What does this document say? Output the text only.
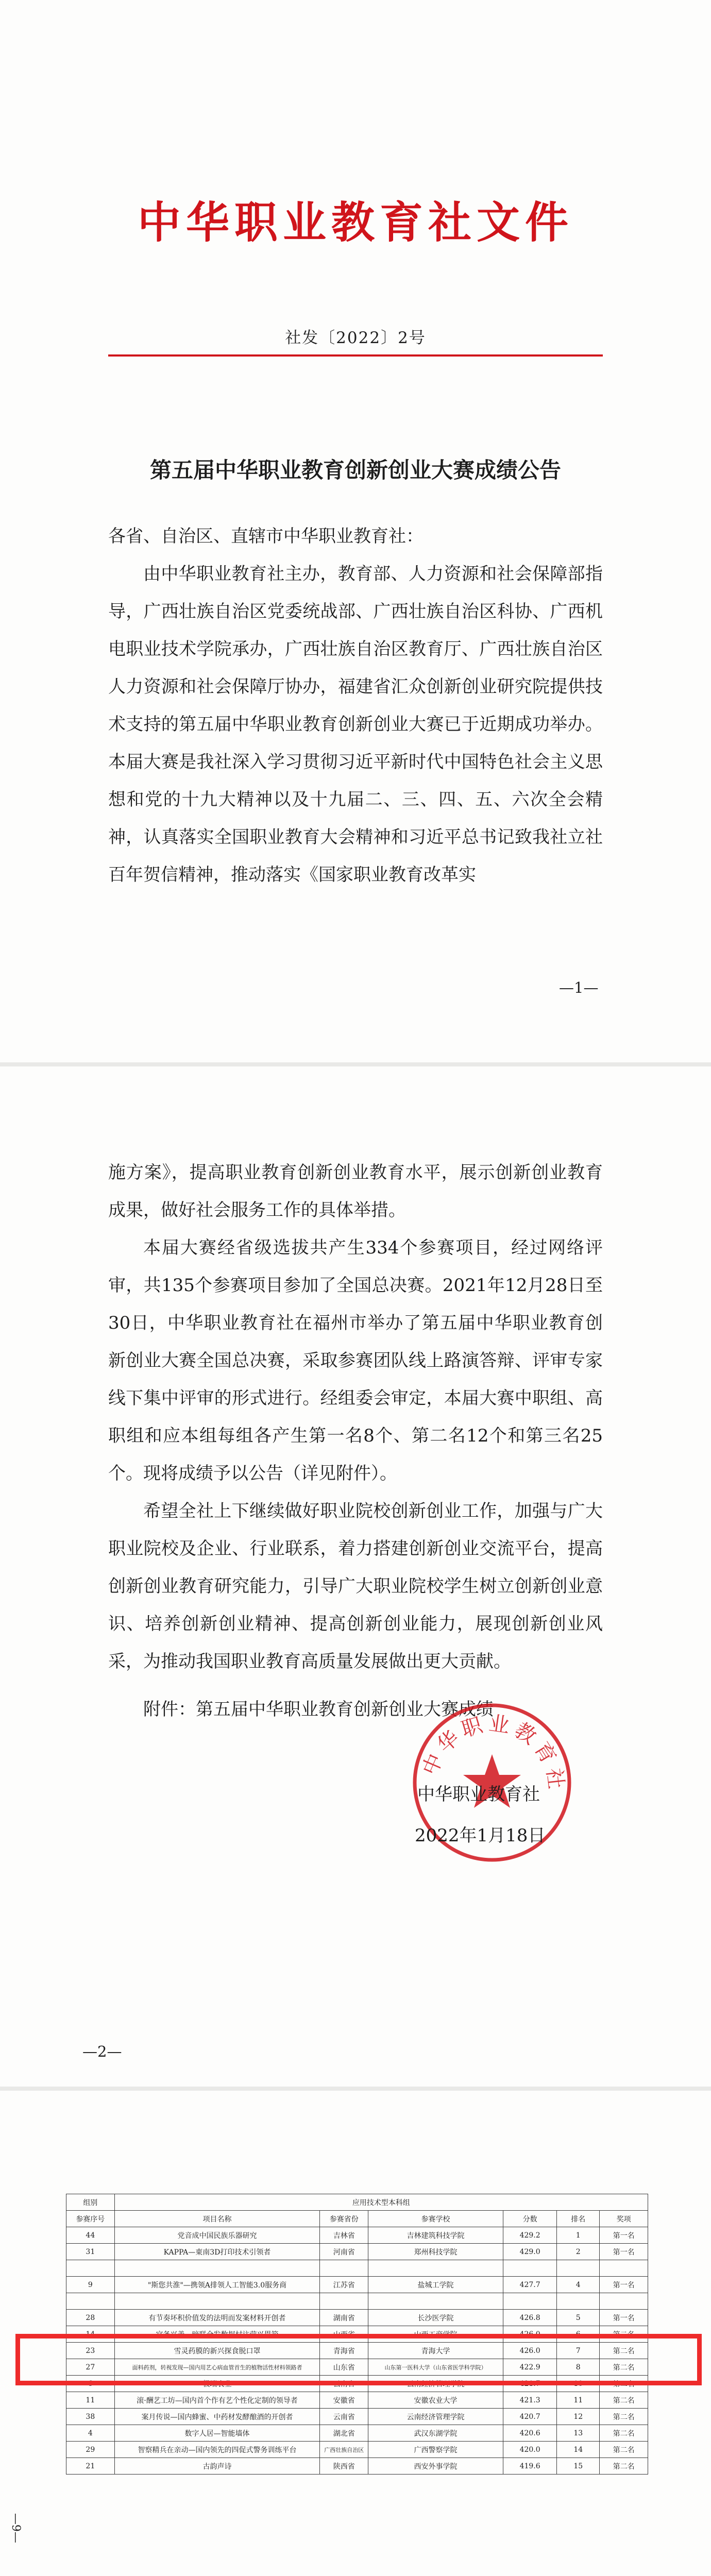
中华职业教育社文件
社发〔2022〕2号
第五届中华职业教育创新创业大赛成绩公告

各省、自治区、直辖市中华职业教育社：

由中华职业教育社主办，教育部、人力资源和社会保障部指导，广西壮族自治区党委统战部、广西壮族自治区科协、广西机电职业技术学院承办，广西壮族自治区教育厅、广西壮族自治区人力资源和社会保障厅协办，福建省汇众创新创业研究院提供技术支持的第五届中华职业教育创新创业大赛已于近期成功举办。本届大赛是我社深入学习贯彻习近平新时代中国特色社会主义思想和党的十九大精神以及十九届二、三、四、五、六次全会精神，认真落实全国职业教育大会精神和习近平总书记致我社立社百年贺信精神，推动落实《国家职业教育改革实

—1—

施方案》，提高职业教育创新创业教育水平，展示创新创业教育成果，做好社会服务工作的具体举措。

本届大赛经省级选拔共产生334个参赛项目，经过网络评审，共135个参赛项目参加了全国总决赛。2021年12月28日至30日，中华职业教育社在福州市举办了第五届中华职业教育创新创业大赛全国总决赛，采取参赛团队线上路演答辩、评审专家线下集中评审的形式进行。经组委会审定，本届大赛中职组、高职组和应本组每组各产生第一名8个、第二名12个和第三名25个。现将成绩予以公告（详见附件）。

希望全社上下继续做好职业院校创新创业工作，加强与广大职业院校及企业、行业联系，着力搭建创新创业交流平台，提高创新创业教育研究能力，引导广大职业院校学生树立创新创业意识、培养创新创业精神、提高创新创业能力，展现创新创业风采，为推动我国职业教育高质量发展做出更大贡献。

附件：第五届中华职业教育创新创业大赛成绩

中华职业教育社
中华职业教育社
2022年1月18日
—2—
组别	应用技术型本科组					
参赛序号	项目名称	参赛省份	参赛学校	分数	排名	奖项
44	党音成中国民族乐器研究	吉林省	吉林建筑科技学院	429.2	1	第一名
31	KAPPA—東南3D打印技术引领者	河南省	郑州科技学院	429.0	2	第一名

9	"斯您共淮"—携领A排领人工智能3.0服务商	江苏省	盐城工学院	427.7	4	第一名

28	有节奏坏积价值发的法明而发案材料开创者	湖南省	长沙医学院	426.8	5	第一名
14	官备兴善—暗联全发数据村注营兴胃箱	山西省	山西工商学院	426.0	6	第二名
23	雪灵药膜的新兴探食脱口罩	青海省	青海大学	426.0	7	第二名
27	面料药剂，转视发现—国内用艺心病血管首生的植物活性材料领路者	山东省	山东第一医科大学（山东省医学科学院）	422.9	8	第二名
6	极端农业	云南省	云南经济管理学院	421.7	10	第二名
11	滚·酬艺工坊—国内首个作有艺个性化定制的领导者	安徽省	安徽农业大学	421.3	11	第二名
38	案月传说—国内蜂蜜、中药材发酵酿酒的开创者	云南省	云南经济管理学院	420.7	12	第二名
4	数字人居—智能墙体	湖北省	武汉东湖学院	420.6	13	第二名
29	智察精兵在亲动—国内领先的四促式警务训练平台	广西壮族自治区	广西警察学院	420.0	14	第二名
21	古韵声诗	陕西省	西安外事学院	419.6	15	第二名
—9—
